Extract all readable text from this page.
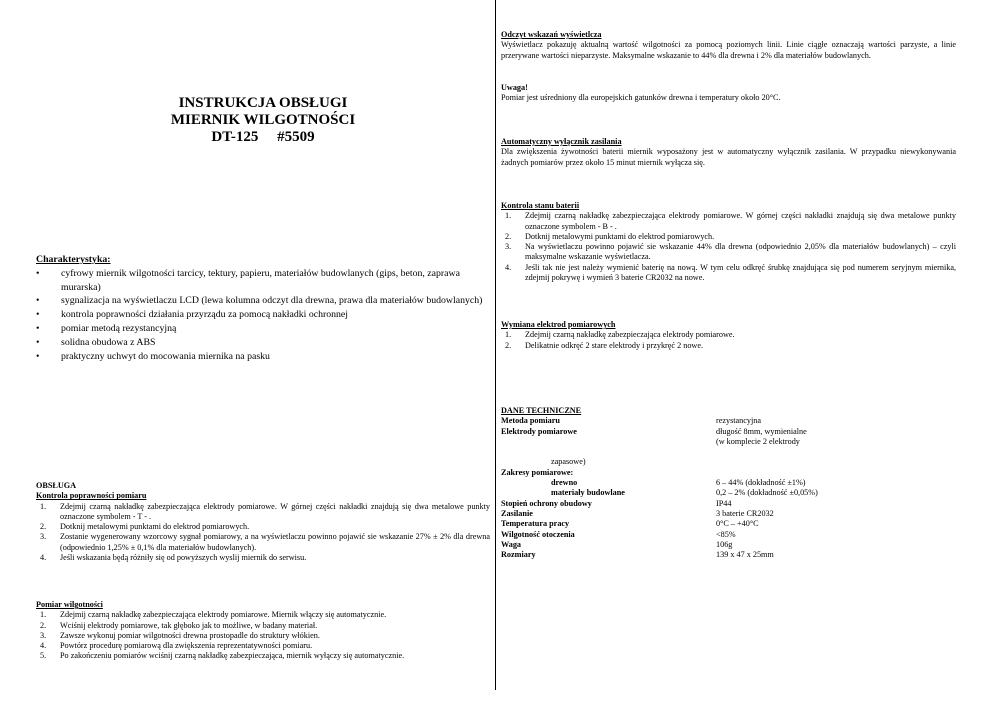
INSTRUKCJA OBSŁUGI
MIERNIK WILGOTNOŚCI
DT-125     #5509
Charakterystyka:
• cyfrowy miernik wilgotności tarcicy, tektury, papieru, materiałów budowlanych (gips, beton, zaprawa murarska)
• sygnalizacja na wyświetlaczu LCD (lewa kolumna odczyt dla drewna, prawa dla materiałów budowlanych)
• kontrola poprawności działania przyrządu za pomocą nakładki ochronnej
• pomiar metodą rezystancyjną
• solidna obudowa z ABS
• praktyczny uchwyt do mocowania miernika na pasku
OBSŁUGA
Kontrola poprawności pomiaru
1. Zdejmij czarną nakładkę zabezpieczająca elektrody pomiarowe. W górnej części nakładki znajdują się dwa metalowe punkty oznaczone symbolem - T - .
2. Dotknij metalowymi punktami do elektrod pomiarowych.
3. Zostanie wygenerowany wzorcowy sygnał pomiarowy, a na wyświetlaczu powinno pojawić sie wskazanie 27% ± 2% dla drewna (odpowiednio 1,25% ± 0,1% dla materiałów budowlanych).
4. Jeśli wskazania będą różniły się od powyższych wyslij miernik do serwisu.
Pomiar wilgotności
1. Zdejmij czarną nakładkę zabezpieczająca elektrody pomiarowe. Miernik włączy się automatycznie.
2. Wciśnij elektrody pomiarowe, tak głęboko jak to możliwe, w badany materiał.
3. Zawsze wykonuj pomiar wilgotności drewna prostopadle do struktury włókien.
4. Powtórz procedurę pomiarową dla zwiększenia reprezentatywności pomiaru.
5. Po zakończeniu pomiarów wciśnij czarną nakładkę zabezpieczająca, miernik wyłączy się automatycznie.
Odczyt wskazań wyświetlcza

Wyświetlacz pokazuję aktualną wartość wilgotności za pomocą poziomych linii. Linie ciągłe oznaczają wartości parzyste, a linie przerywane wartości nieparzyste. Maksymalne wskazanie to 44% dla drewna i 2% dla materiałów budowlanych.

Uwaga!

Pomiar jest uśredniony dla europejskich gatunków drewna i temperatury około 20°C.

Automatyczny wyłącznik zasilania

Dla zwiększenia żywotności baterii miernik wyposażony jest w automatyczny wyłącznik zasilania. W przypadku niewykonywania żadnych pomiarów przez około 15 minut miernik wyłącza się.

Kontrola stanu baterii
1. Zdejmij czarną nakładkę zabezpieczająca elektrody pomiarowe. W górnej części nakładki znajdują się dwa metalowe punkty oznaczone symbolem - B - .
2. Dotknij metalowymi punktami do elektrod pomiarowych.
3. Na wyświetlaczu powinno pojawić sie wskazanie 44% dla drewna (odpowiednio 2,05% dla materiałów budowlanych) – czyli maksymalne wskazanie wyświetlacza.
4. Jeśli tak nie jest należy wymienić baterię na nową. W tym celu odkręć śrubkę znajdująca się pod numerem seryjnym miernika, zdejmij pokrywę i wymień 3 baterie CR2032 na nowe.
Wymiana elektrod pomiarowych
1. Zdejmij czarną nakładkę zabezpieczająca elektrody pomiarowe.
2. Delikatnie odkręć 2 stare elektrody i przykręć 2 nowe.
DANE TECHNICZNE
Metoda pomiaru	rezystancyjna
Elektrody pomiarowe	długość 8mm, wymienialne
	(w komplecie 2 elektrody

zapasowe)	
Zakresy pomiarowe:	
drewno	6 – 44% (dokładność ±1%)
materiały budowlane	0,2 – 2% (dokładność ±0,05%)
Stopień ochrony obudowy	IP44
Zasilanie	3 baterie CR2032
Temperatura pracy	0°C – +40°C
Wilgotność otoczenia	<85%
Waga	106g
Rozmiary	139 x 47 x 25mm
